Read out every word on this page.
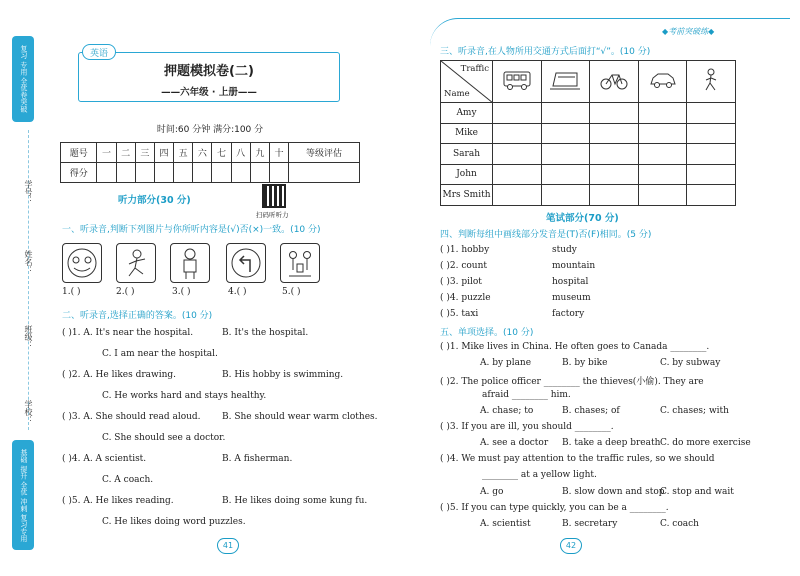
复习 专用 全优卷突破
学号：
姓名：
班级：
学校：
基础 提升 全优 冲刺 复习专用
英语
押题模拟卷(二)
——六年级 · 上册——
时间:60 分钟 满分:100 分
题号	一	二	三	四	五	六	七	八	九	十	等级评估
得分											
听力部分(30 分)
扫码听听力
一、听录音,判断下列图片与你所听内容是(√)否(×)一致。(10 分)
1.( )	2.( )	3.( )	4.( )	5.( )
二、听录音,选择正确的答案。(10 分)
( )1. A. It's near the hospital.	B. It's the hospital.
C. I am near the hospital.
( )2. A. He likes drawing.	B. His hobby is swimming.
C. He works hard and stays healthy.
( )3. A. She should read aloud. B. She should wear warm clothes.
C. She should see a doctor.
( )4. A. A scientist.	B. A fisherman.
C. A coach.
( )5. A. He likes reading.	B. He likes doing some kung fu.
C. He likes doing word puzzles.
41
◆考前突破练◆
三、听录音,在人物所用交通方式后面打“√”。(10 分)
Traffic
Name

Amy					
Mike					
Sarah					
John					
Mrs Smith					
笔试部分(70 分)
四、判断每组中画线部分发音是(T)否(F)相同。(5 分)
( )1. hobby	study
( )2. count	mountain
( )3. pilot	hospital
( )4. puzzle	museum
( )5. taxi	factory
五、单项选择。(10 分)
( )1. Mike lives in China. He often goes to Canada ________.
A. by plane	B. by bike	C. by subway
( )2. The police officer ________ the thieves(小偷). They are
afraid ________ him.
A. chase; to	B. chases; of	C. chases; with
( )3. If you are ill, you should ________.
A. see a doctor B. take a deep breath C. do more exercise
( )4. We must pay attention to the traffic rules, so we should
________ at a yellow light.
A. go	B. slow down and stop
C. stop and wait
( )5. If you can type quickly, you can be a ________.
A. scientist	B. secretary	C. coach
42
